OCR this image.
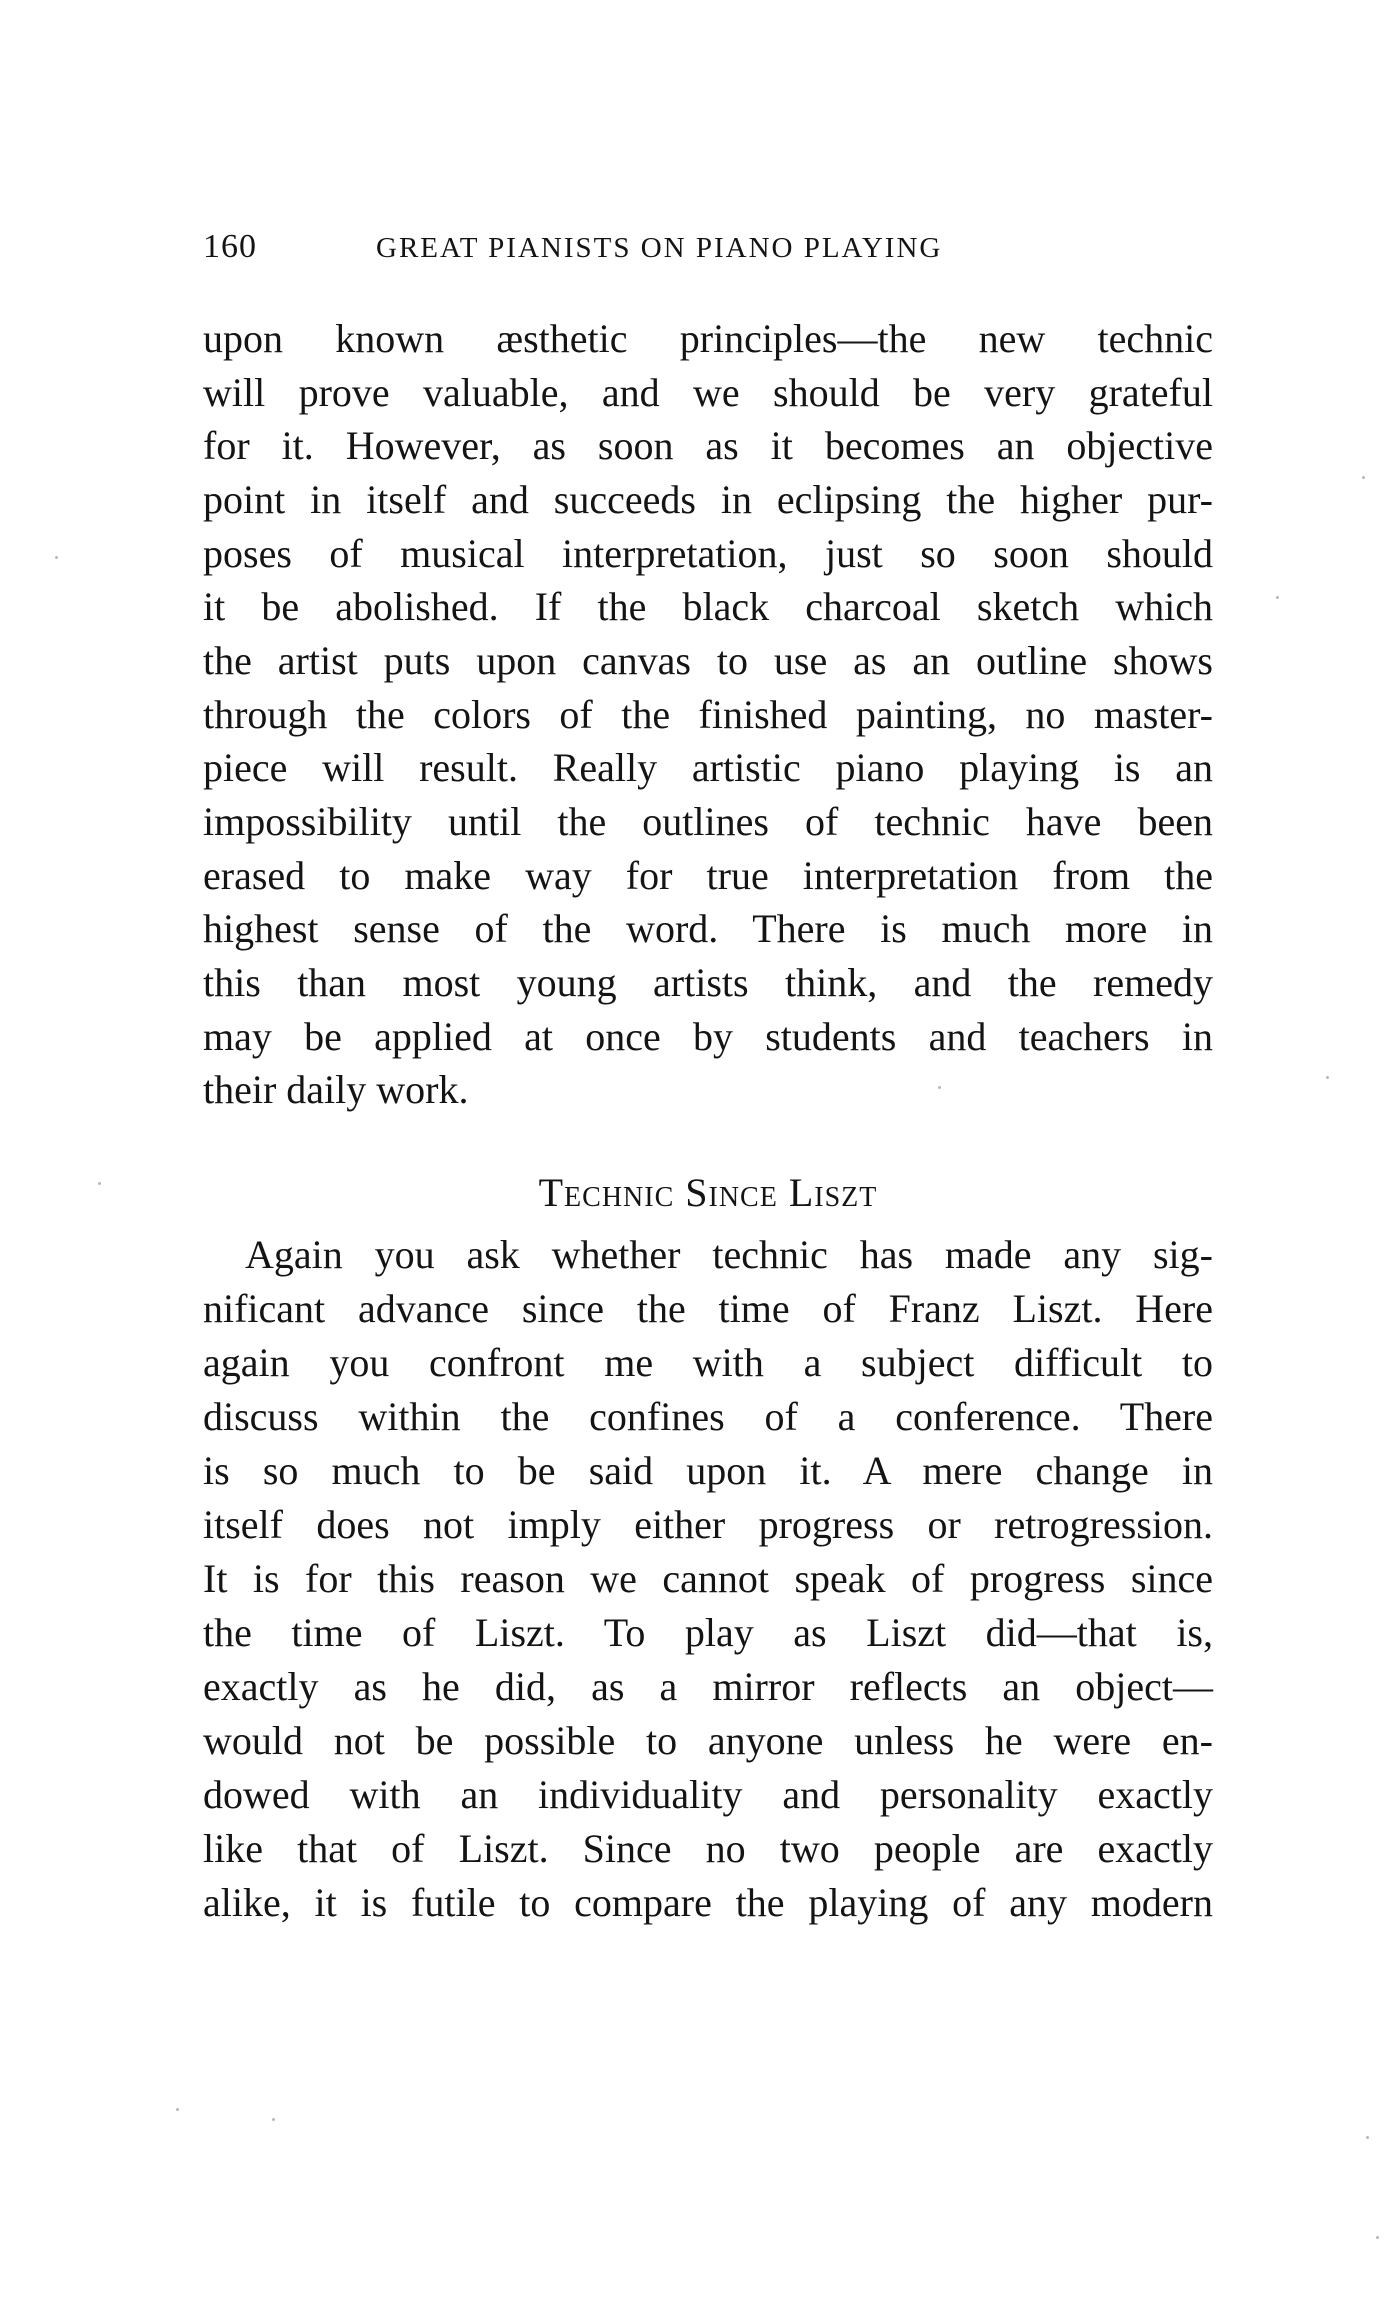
160	GREAT PIANISTS ON PIANO PLAYING
upon known æsthetic principles—the new technic
will prove valuable, and we should be very grateful
for it. However, as soon as it becomes an objective
point in itself and succeeds in eclipsing the higher pur-
poses of musical interpretation, just so soon should
it be abolished. If the black charcoal sketch which
the artist puts upon canvas to use as an outline shows
through the colors of the finished painting, no master-
piece will result. Really artistic piano playing is an
impossibility until the outlines of technic have been
erased to make way for true interpretation from the
highest sense of the word. There is much more in
this than most young artists think, and the remedy
may be applied at once by students and teachers in
their daily work.
Technic Since Liszt
Again you ask whether technic has made any sig-
nificant advance since the time of Franz Liszt. Here
again you confront me with a subject difficult to
discuss within the confines of a conference. There
is so much to be said upon it. A mere change in
itself does not imply either progress or retrogression.
It is for this reason we cannot speak of progress since
the time of Liszt. To play as Liszt did—that is,
exactly as he did, as a mirror reflects an object—
would not be possible to anyone unless he were en-
dowed with an individuality and personality exactly
like that of Liszt. Since no two people are exactly
alike, it is futile to compare the playing of any modern
